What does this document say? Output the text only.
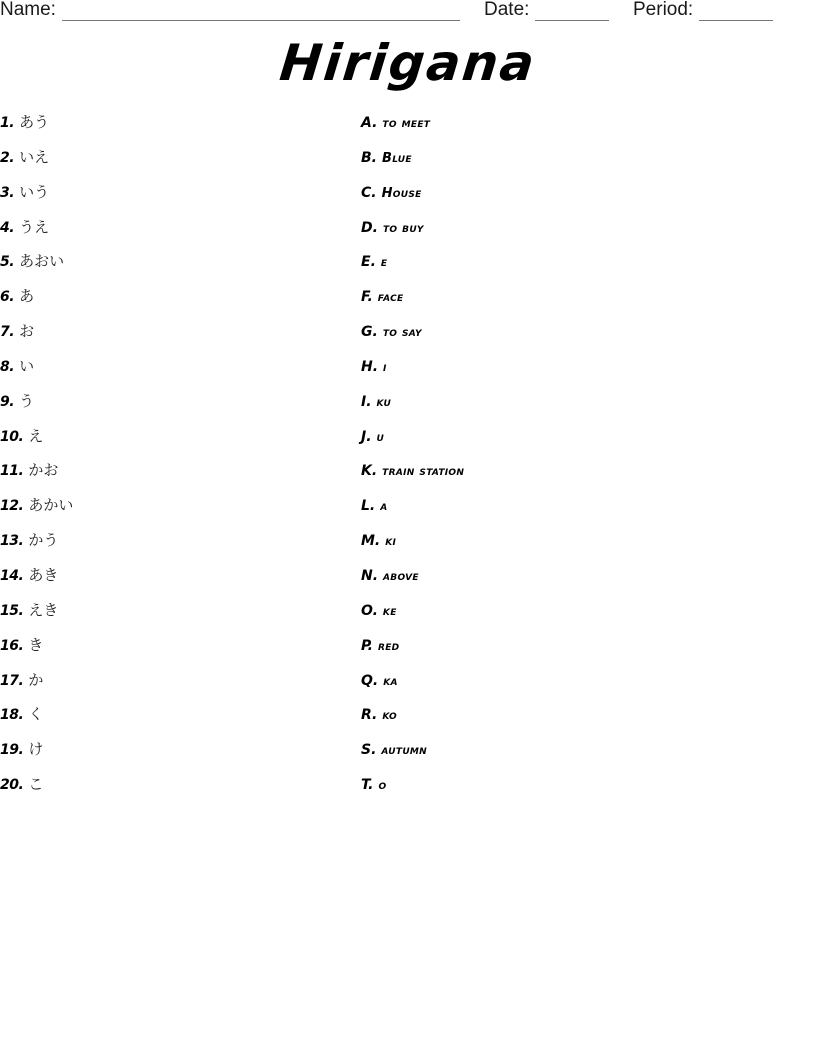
Name:	Date:	Period:
Hirigana
1. あう
2. いえ
3. いう
4. うえ
5. あおい
6. あ
7. お
8. い
9. う
10. え
11. かお
12. あかい
13. かう
14. あき
15. えき
16. き
17. か
18. く
19. け
20. こ
A. to meet
B. Blue
C. House
D. to buy
E. e
F. face
G. to say
H. i
I. ku
J. u
K. train station
L. a
M. ki
N. above
O. ke
P. red
Q. ka
R. ko
S. autumn
T. o
